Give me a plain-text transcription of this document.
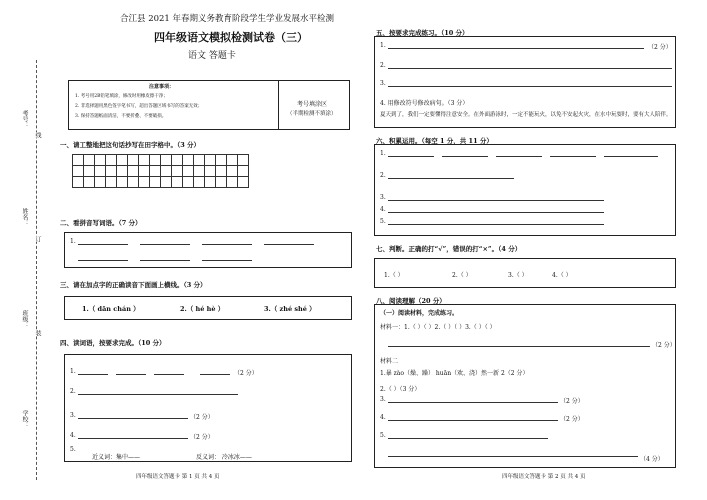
考号：
线
姓名：
订
班级：
装
学校：
合江县 2021 年春期义务教育阶段学生学业发展水平检测
四年级语文模拟检测试卷（三）
语文 答题卡
注意事项：
1. 考号用2B铅笔填涂，修改时用橡皮擦干净；
2. 非选择题用黑色签字笔书写，超出答题区域书写的答案无效；
3. 保持答题纸面清洁，不要折叠、不要破损。
考号填涂区
（半期检测不填涂）
一、请工整地把这句话抄写在田字格中。（3 分）
二、看拼音写词语。（7 分）
1.
三、请在加点字的正确读音下面画上横线。（3 分）
1.（ dān chán ）	2.（ hé hè ）	3.（ zhé shé ）
四、读词语，按要求完成。（10 分）
1.	（2 分）
2.
3.	（2 分）
4.	（2 分）
5.
近义词：集中——	反义词： 冷冰冰——
四年级语文答题卡 第 1 页 共 4 页
五、按要求完成练习。（10 分）
1.	（2 分）
2.
3.
4. 用修改符号修改病句。（3 分）
夏天到了，我们一定要懂得注意安全。在外面游泳时，一定不能玩火，以免不安起火灾，在水中玩耍时，要有大人陪伴。
六、积累运用。（每空 1 分，共 11 分）
1.
2.
3.
4.
5.
七、判断。正确的打“√”，错误的打“×”。（4 分）
1.（ ）	2.（ ）	3.（ ）	4.（ ）
八、阅读理解（20 分）
（一）阅读材料，完成练习。
材料一：1.（ ）（ ）2.（ ）（ ）3.（ ）（ ）
（2 分）
材料二
1.暴 zào（燥、躁） huān（欢、浇）然一新 2（2 分）
2.（ ）（3 分）
3.	（2 分）
4.	（2 分）
5.
（4 分）
四年级语文答题卡 第 2 页 共 4 页
